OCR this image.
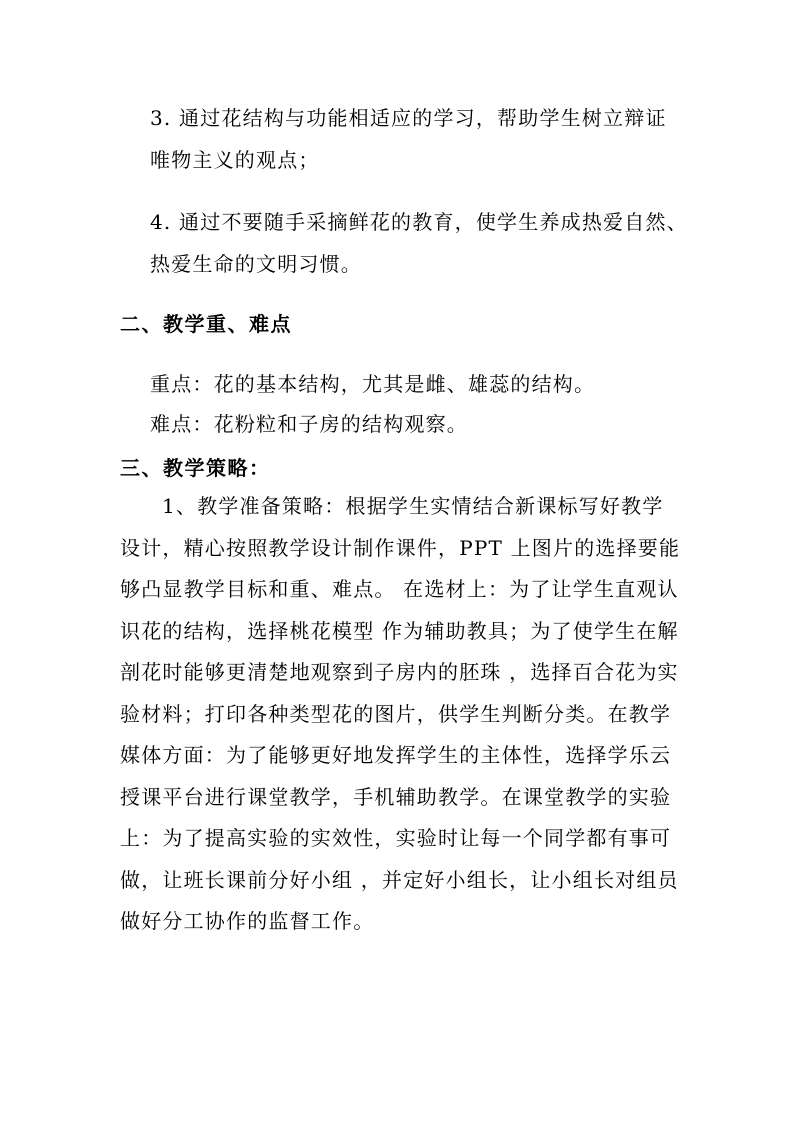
3. 通过花结构与功能相适应的学习，帮助学生树立辩证
唯物主义的观点；
4. 通过不要随手采摘鲜花的教育，使学生养成热爱自然、
热爱生命的文明习惯。
二、教学重、难点
重点：花的基本结构，尤其是雌、雄蕊的结构。
难点：花粉粒和子房的结构观察。
三、教学策略：
1、教学准备策略：根据学生实情结合新课标写好教学
设计，精心按照教学设计制作课件，PPT 上图片的选择要能
够凸显教学目标和重、难点。 在选材上：为了让学生直观认
识花的结构，选择桃花模型 作为辅助教具；为了使学生在解
剖花时能够更清楚地观察到子房内的胚珠 ，选择百合花为实
验材料；打印各种类型花的图片，供学生判断分类。在教学
媒体方面：为了能够更好地发挥学生的主体性，选择学乐云
授课平台进行课堂教学，手机辅助教学。在课堂教学的实验
上：为了提高实验的实效性，实验时让每一个同学都有事可
做，让班长课前分好小组 ，并定好小组长，让小组长对组员
做好分工协作的监督工作。
